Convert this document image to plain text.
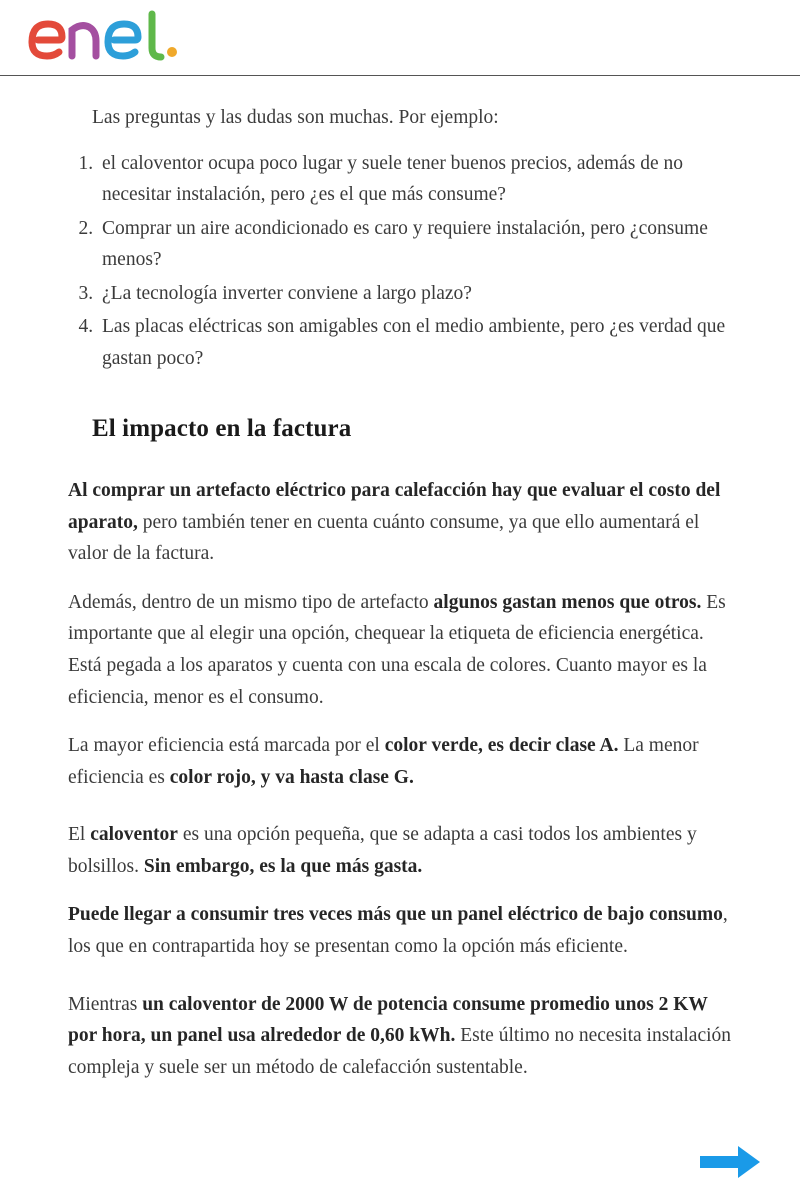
Las preguntas y las dudas son muchas. Por ejemplo:

1. el caloventor ocupa poco lugar y suele tener buenos precios, además de no necesitar instalación, pero ¿es el que más consume?
2. Comprar un aire acondicionado es caro y requiere instalación, pero ¿consume menos?
3. ¿La tecnología inverter conviene a largo plazo?
4. Las placas eléctricas son amigables con el medio ambiente, pero ¿es verdad que gastan poco?
El impacto en la factura

Al comprar un artefacto eléctrico para calefacción hay que evaluar el costo del aparato, pero también tener en cuenta cuánto consume, ya que ello aumentará el valor de la factura.

Además, dentro de un mismo tipo de artefacto algunos gastan menos que otros. Es importante que al elegir una opción, chequear la etiqueta de eficiencia energética. Está pegada a los aparatos y cuenta con una escala de colores. Cuanto mayor es la eficiencia, menor es el consumo.

La mayor eficiencia está marcada por el color verde, es decir clase A. La menor eficiencia es color rojo, y va hasta clase G.

El caloventor es una opción pequeña, que se adapta a casi todos los ambientes y bolsillos. Sin embargo, es la que más gasta.

Puede llegar a consumir tres veces más que un panel eléctrico de bajo consumo, los que en contrapartida hoy se presentan como la opción más eficiente.

Mientras un caloventor de 2000 W de potencia consume promedio unos 2 KW por hora, un panel usa alrededor de 0,60 kWh. Este último no necesita instalación compleja y suele ser un método de calefacción sustentable.
